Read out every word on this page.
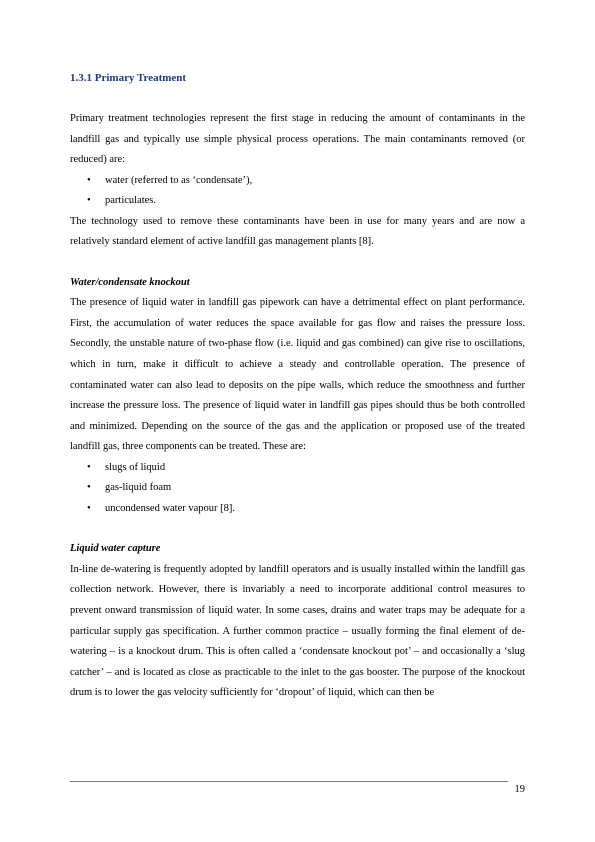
1.3.1 Primary Treatment

Primary treatment technologies represent the first stage in reducing the amount of contaminants in the landfill gas and typically use simple physical process operations. The main contaminants removed (or reduced) are:

• water (referred to as ‘condensate’),
• particulates.

The technology used to remove these contaminants have been in use for many years and are now a relatively standard element of active landfill gas management plants [8].

Water/condensate knockout

The presence of liquid water in landfill gas pipework can have a detrimental effect on plant performance. First, the accumulation of water reduces the space available for gas flow and raises the pressure loss. Secondly, the unstable nature of two-phase flow (i.e. liquid and gas combined) can give rise to oscillations, which in turn, make it difficult to achieve a steady and controllable operation. The presence of contaminated water can also lead to deposits on the pipe walls, which reduce the smoothness and further increase the pressure loss. The presence of liquid water in landfill gas pipes should thus be both controlled and minimized. Depending on the source of the gas and the application or proposed use of the treated landfill gas, three components can be treated. These are:

• slugs of liquid
• gas-liquid foam
• uncondensed water vapour [8].

Liquid water capture

In-line de-watering is frequently adopted by landfill operators and is usually installed within the landfill gas collection network. However, there is invariably a need to incorporate additional control measures to prevent onward transmission of liquid water. In some cases, drains and water traps may be adequate for a particular supply gas specification. A further common practice – usually forming the final element of de-watering – is a knockout drum. This is often called a ‘condensate knockout pot’ – and occasionally a ‘slug catcher’ – and is located as close as practicable to the inlet to the gas booster. The purpose of the knockout drum is to lower the gas velocity sufficiently for ‘dropout’ of liquid, which can then be

19
